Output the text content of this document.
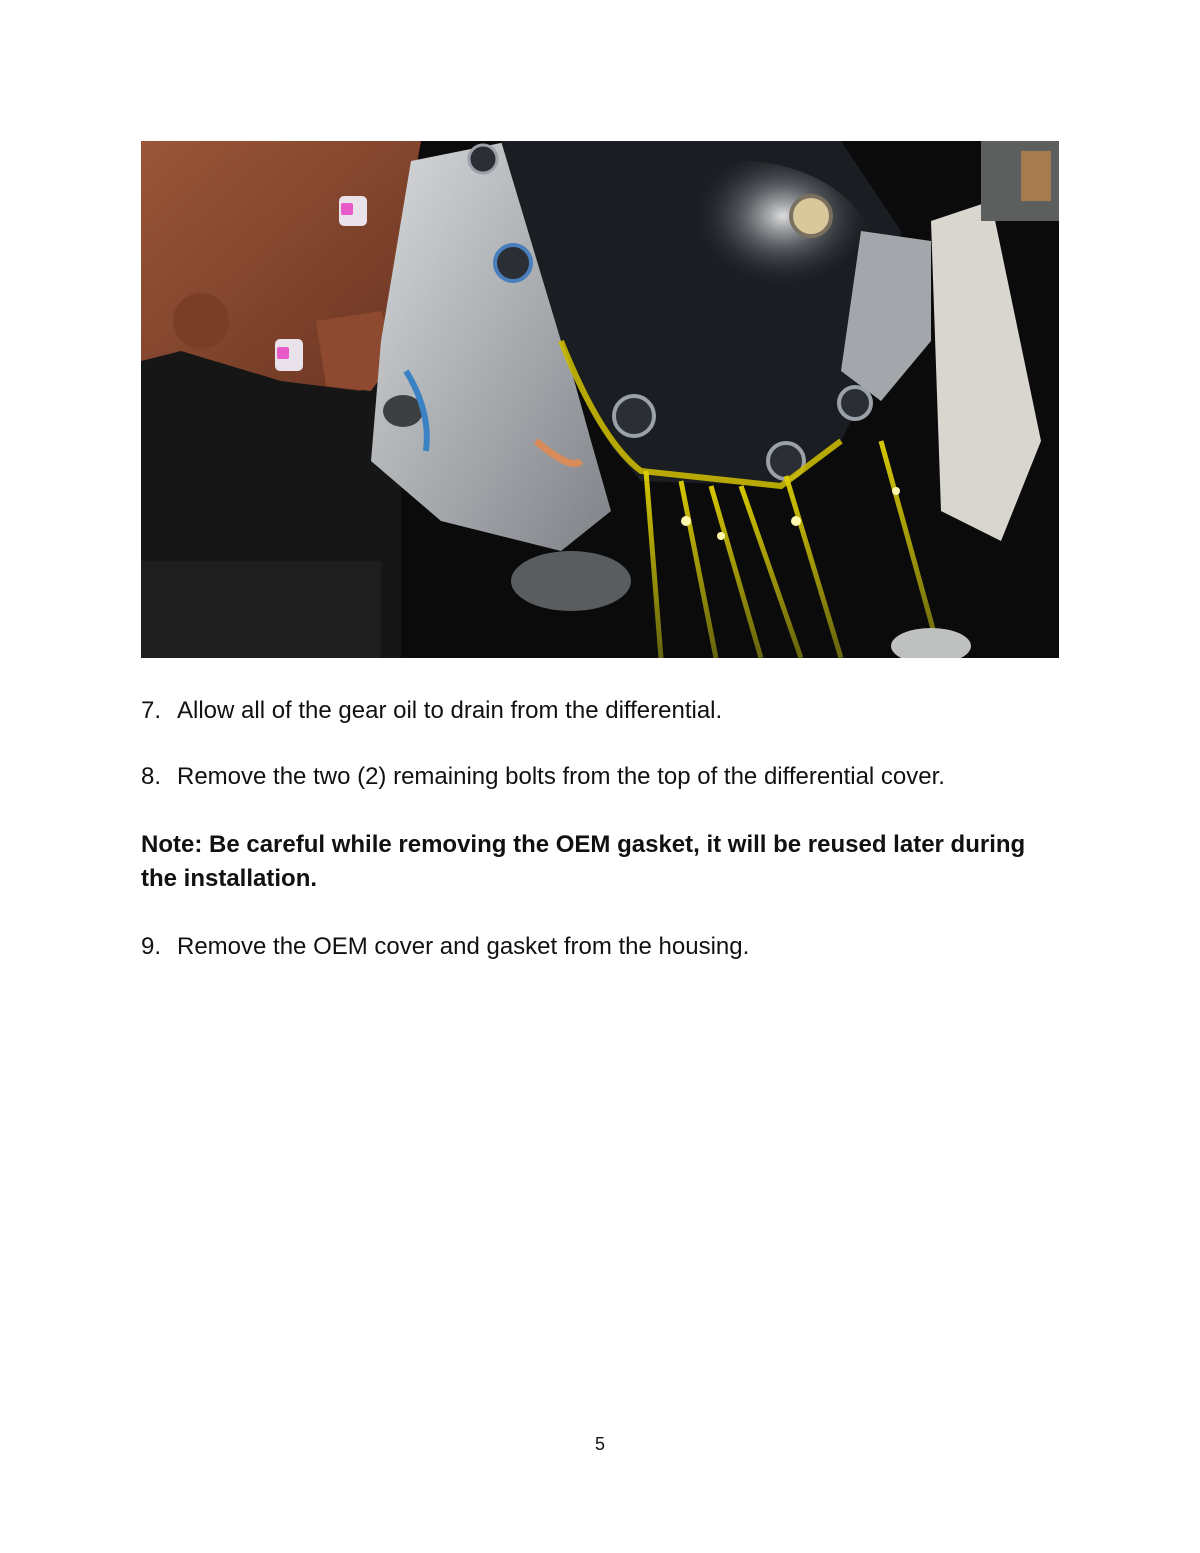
7. Allow all of the gear oil to drain from the differential.
8. Remove the two (2) remaining bolts from the top of the differential cover.
Note: Be careful while removing the OEM gasket, it will be reused later during the installation.
9. Remove the OEM cover and gasket from the housing.
5
